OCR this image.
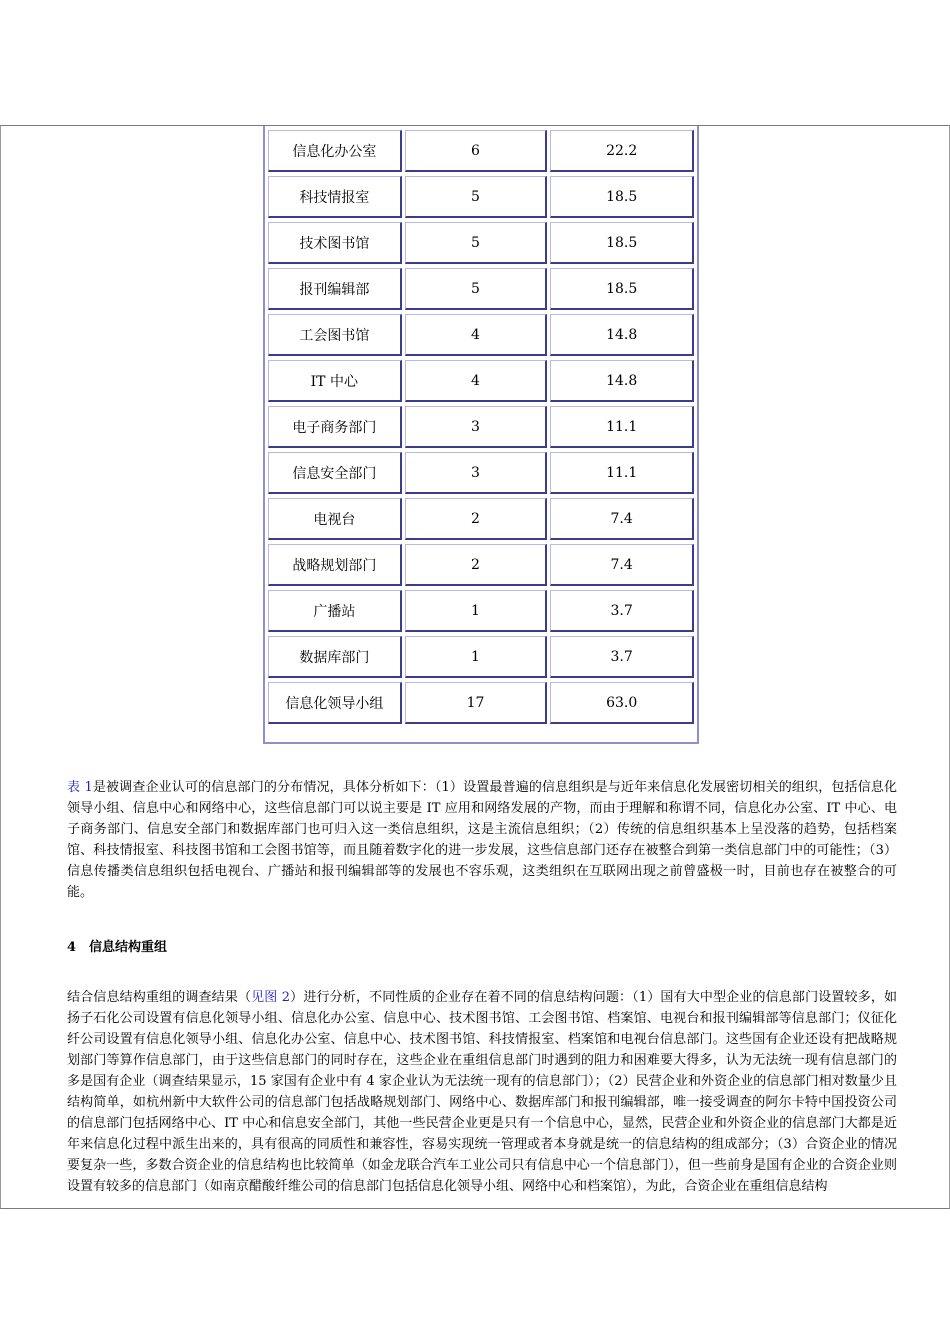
信息化办公室	6	22.2
科技情报室	5	18.5
技术图书馆	5	18.5
报刊编辑部	5	18.5
工会图书馆	4	14.8
IT 中心	4	14.8
电子商务部门	3	11.1
信息安全部门	3	11.1
电视台	2	7.4
战略规划部门	2	7.4
广播站	1	3.7
数据库部门	1	3.7
信息化领导小组	17	63.0
表 1是被调查企业认可的信息部门的分布情况，具体分析如下：（1）设置最普遍的信息组织是与近年来信息化发展密切相关的组织，包括信息化领导小组、信息中心和网络中心，这些信息部门可以说主要是 IT 应用和网络发展的产物，而由于理解和称谓不同，信息化办公室、IT 中心、电子商务部门、信息安全部门和数据库部门也可归入这一类信息组织，这是主流信息组织；（2）传统的信息组织基本上呈没落的趋势，包括档案馆、科技情报室、科技图书馆和工会图书馆等，而且随着数字化的进一步发展，这些信息部门还存在被整合到第一类信息部门中的可能性；（3）信息传播类信息组织包括电视台、广播站和报刊编辑部等的发展也不容乐观，这类组织在互联网出现之前曾盛极一时，目前也存在被整合的可能。
4　信息结构重组
结合信息结构重组的调查结果（见图 2）进行分析，不同性质的企业存在着不同的信息结构问题：（1）国有大中型企业的信息部门设置较多，如扬子石化公司设置有信息化领导小组、信息化办公室、信息中心、技术图书馆、工会图书馆、档案馆、电视台和报刊编辑部等信息部门；仪征化纤公司设置有信息化领导小组、信息化办公室、信息中心、技术图书馆、科技情报室、档案馆和电视台信息部门。这些国有企业还设有把战略规划部门等算作信息部门，由于这些信息部门的同时存在，这些企业在重组信息部门时遇到的阻力和困难要大得多，认为无法统一现有信息部门的多是国有企业（调查结果显示，15 家国有企业中有 4 家企业认为无法统一现有的信息部门）；（2）民营企业和外资企业的信息部门相对数量少且结构简单，如杭州新中大软件公司的信息部门包括战略规划部门、网络中心、数据库部门和报刊编辑部，唯一接受调查的阿尔卡特中国投资公司的信息部门包括网络中心、IT 中心和信息安全部门，其他一些民营企业更是只有一个信息中心，显然，民营企业和外资企业的信息部门大都是近年来信息化过程中派生出来的，具有很高的同质性和兼容性，容易实现统一管理或者本身就是统一的信息结构的组成部分；（3）合资企业的情况要复杂一些，多数合资企业的信息结构也比较简单（如金龙联合汽车工业公司只有信息中心一个信息部门），但一些前身是国有企业的合资企业则设置有较多的信息部门（如南京醋酸纤维公司的信息部门包括信息化领导小组、网络中心和档案馆），为此，合资企业在重组信息结构
